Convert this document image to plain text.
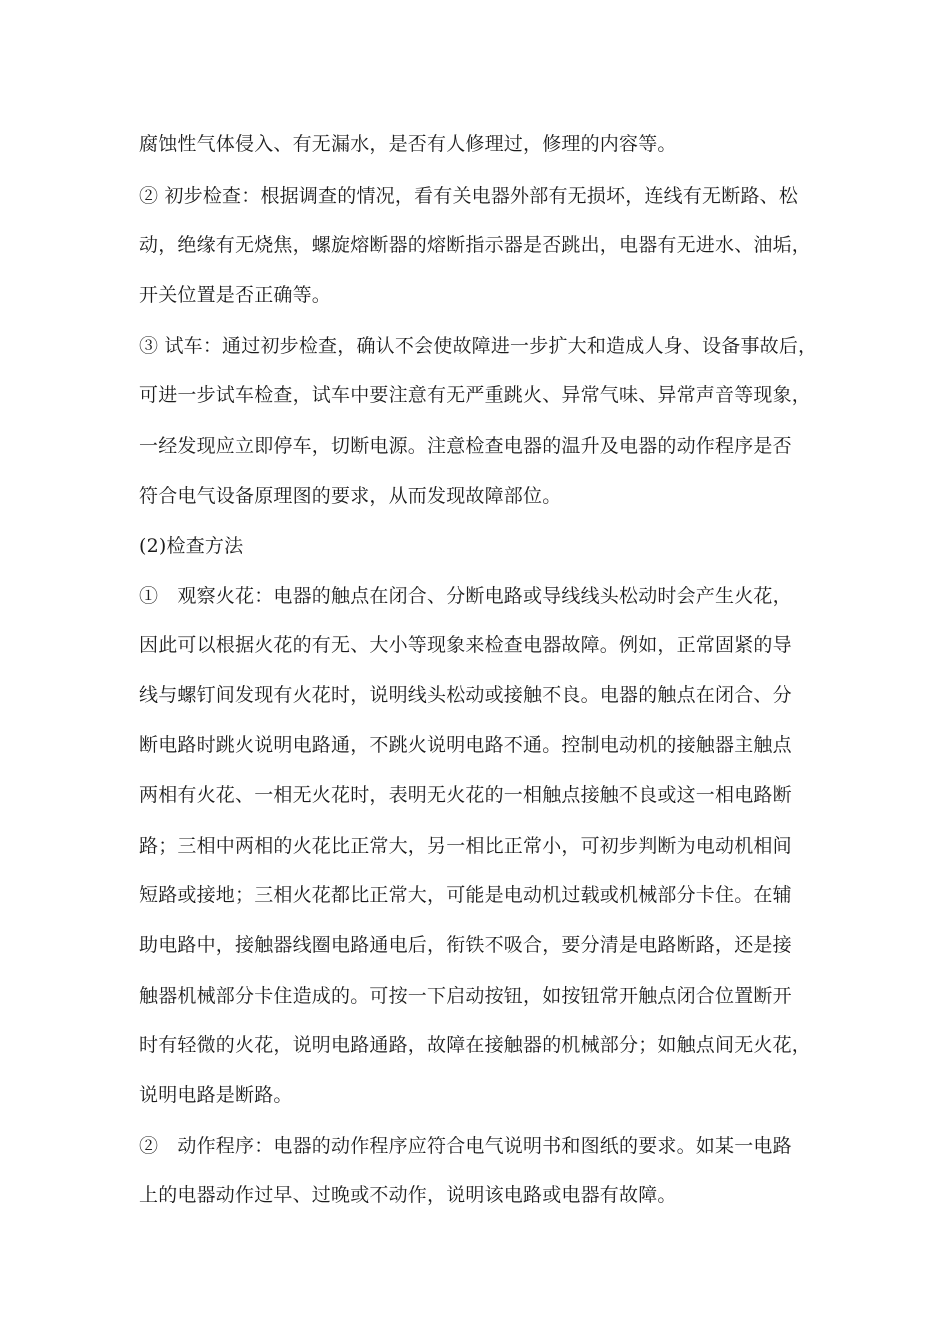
腐蚀性气体侵入、有无漏水，是否有人修理过，修理的内容等。
② 初步检查：根据调查的情况，看有关电器外部有无损坏，连线有无断路、松
动，绝缘有无烧焦，螺旋熔断器的熔断指示器是否跳出，电器有无进水、油垢，
开关位置是否正确等。
③ 试车：通过初步检查，确认不会使故障进一步扩大和造成人身、设备事故后，
可进一步试车检查，试车中要注意有无严重跳火、异常气味、异常声音等现象，
一经发现应立即停车，切断电源。注意检查电器的温升及电器的动作程序是否
符合电气设备原理图的要求，从而发现故障部位。
(2)检查方法
①　观察火花：电器的触点在闭合、分断电路或导线线头松动时会产生火花，
因此可以根据火花的有无、大小等现象来检查电器故障。例如，正常固紧的导
线与螺钉间发现有火花时，说明线头松动或接触不良。电器的触点在闭合、分
断电路时跳火说明电路通，不跳火说明电路不通。控制电动机的接触器主触点
两相有火花、一相无火花时，表明无火花的一相触点接触不良或这一相电路断
路；三相中两相的火花比正常大，另一相比正常小，可初步判断为电动机相间
短路或接地；三相火花都比正常大，可能是电动机过载或机械部分卡住。在辅
助电路中，接触器线圈电路通电后，衔铁不吸合，要分清是电路断路，还是接
触器机械部分卡住造成的。可按一下启动按钮，如按钮常开触点闭合位置断开
时有轻微的火花，说明电路通路，故障在接触器的机械部分；如触点间无火花，
说明电路是断路。
②　动作程序：电器的动作程序应符合电气说明书和图纸的要求。如某一电路
上的电器动作过早、过晚或不动作，说明该电路或电器有故障。
